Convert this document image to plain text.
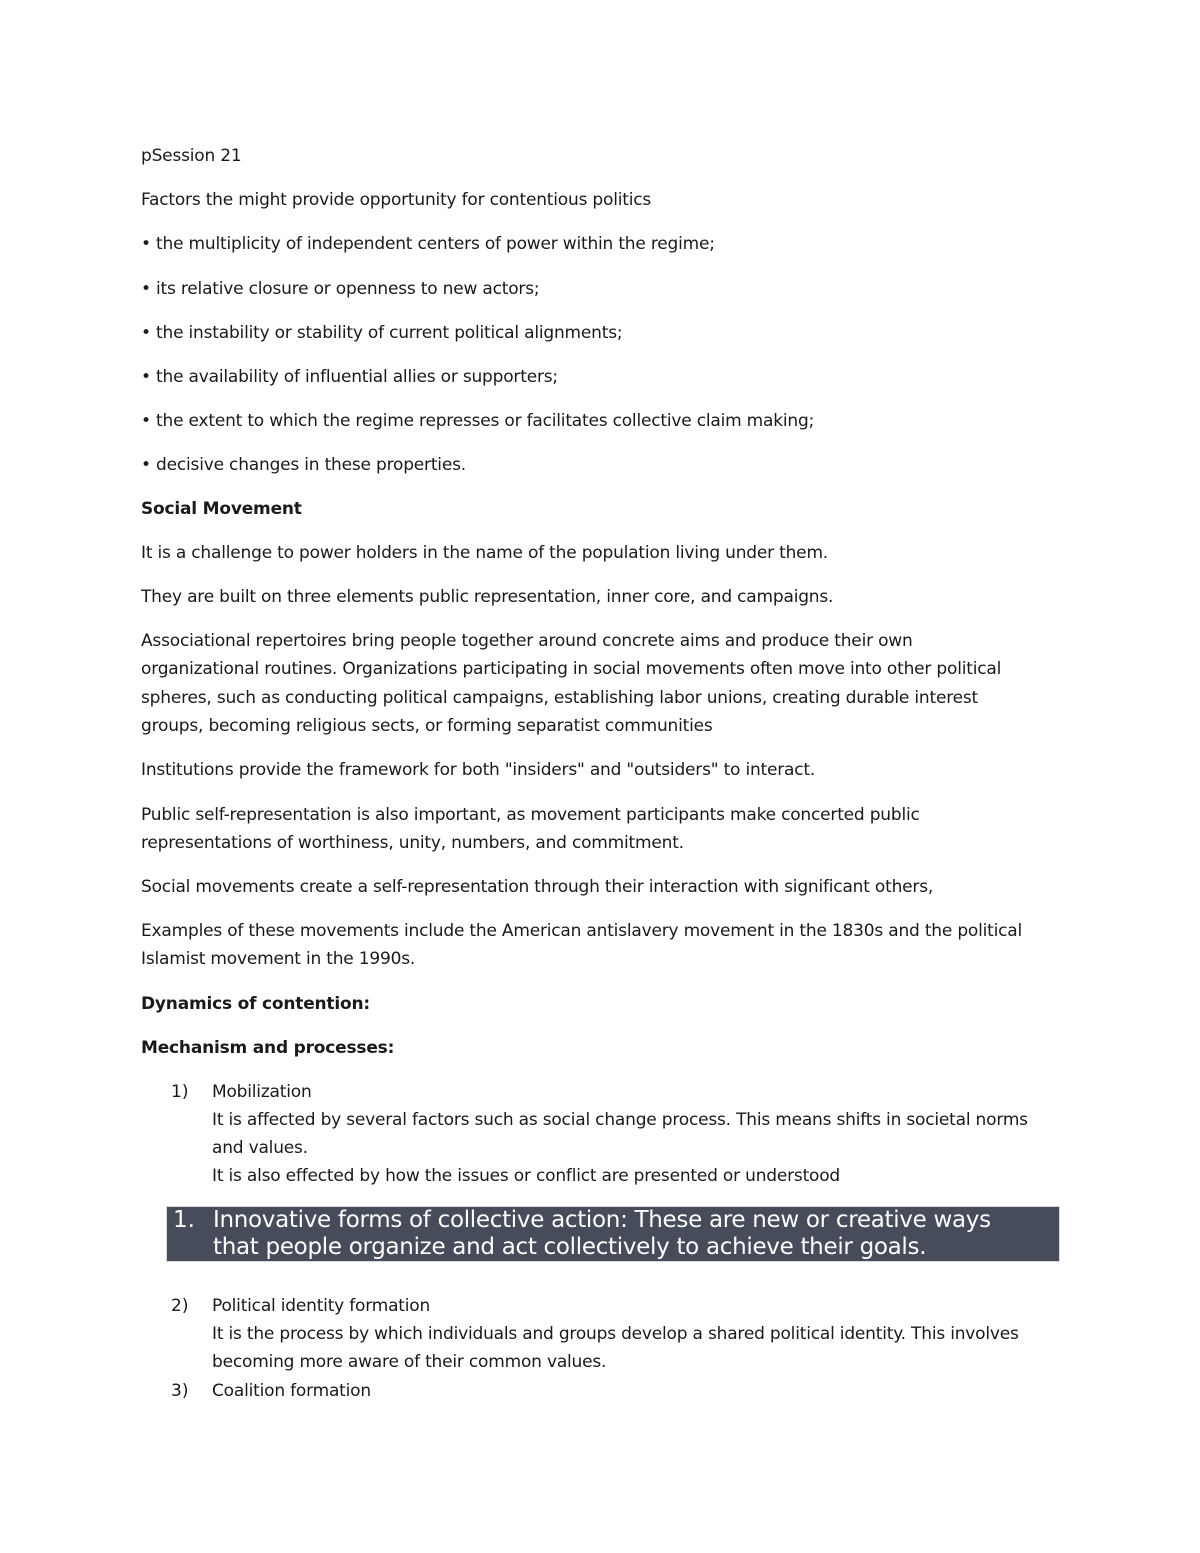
pSession 21
Factors the might provide opportunity for contentious politics
• the multiplicity of independent centers of power within the regime;
• its relative closure or openness to new actors;
• the instability or stability of current political alignments;
• the availability of influential allies or supporters;
• the extent to which the regime represses or facilitates collective claim making;
• decisive changes in these properties.
Social Movement
It is a challenge to power holders in the name of the population living under them.
They are built on three elements public representation, inner core, and campaigns.
Associational repertoires bring people together around concrete aims and produce their own
organizational routines. Organizations participating in social movements often move into other political
spheres, such as conducting political campaigns, establishing labor unions, creating durable interest
groups, becoming religious sects, or forming separatist communities
Institutions provide the framework for both "insiders" and "outsiders" to interact.
Public self-representation is also important, as movement participants make concerted public
representations of worthiness, unity, numbers, and commitment.
Social movements create a self-representation through their interaction with significant others,
Examples of these movements include the American antislavery movement in the 1830s and the political
Islamist movement in the 1990s.
Dynamics of contention:
Mechanism and processes:
1) Mobilization
It is affected by several factors such as social change process. This means shifts in societal norms
and values.
It is also effected by how the issues or conflict are presented or understood
1. Innovative forms of collective action: These are new or creative ways
that people organize and act collectively to achieve their goals.
2) Political identity formation
It is the process by which individuals and groups develop a shared political identity. This involves
becoming more aware of their common values.
3) Coalition formation
